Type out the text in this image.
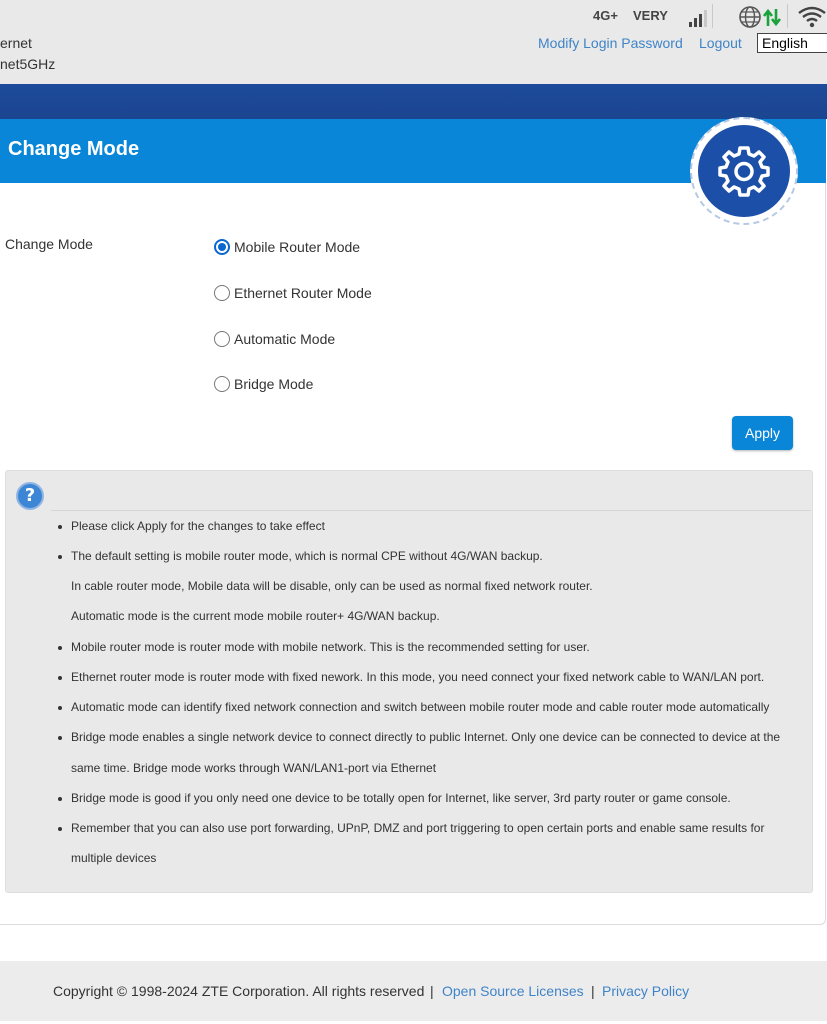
ernet
net5GHz
4G+ VERY
Modify Login Password Logout	English
Change Mode
Change Mode	Mobile Router Mode
Ethernet Router Mode
Automatic Mode
Bridge Mode
Apply
?
Please click Apply for the changes to take effect
The default setting is mobile router mode, which is normal CPE without 4G/WAN backup.
In cable router mode, Mobile data will be disable, only can be used as normal fixed network router.
Automatic mode is the current mode mobile router+ 4G/WAN backup.
Mobile router mode is router mode with mobile network. This is the recommended setting for user.
Ethernet router mode is router mode with fixed nework. In this mode, you need connect your fixed network cable to WAN/LAN port.
Automatic mode can identify fixed network connection and switch between mobile router mode and cable router mode automatically
Bridge mode enables a single network device to connect directly to public Internet. Only one device can be connected to device at the
same time. Bridge mode works through WAN/LAN1-port via Ethernet
Bridge mode is good if you only need one device to be totally open for Internet, like server, 3rd party router or game console.
Remember that you can also use port forwarding, UPnP, DMZ and port triggering to open certain ports and enable same results for
multiple devices
Copyright © 1998-2024 ZTE Corporation. All rights reserved | Open Source Licenses | Privacy Policy
